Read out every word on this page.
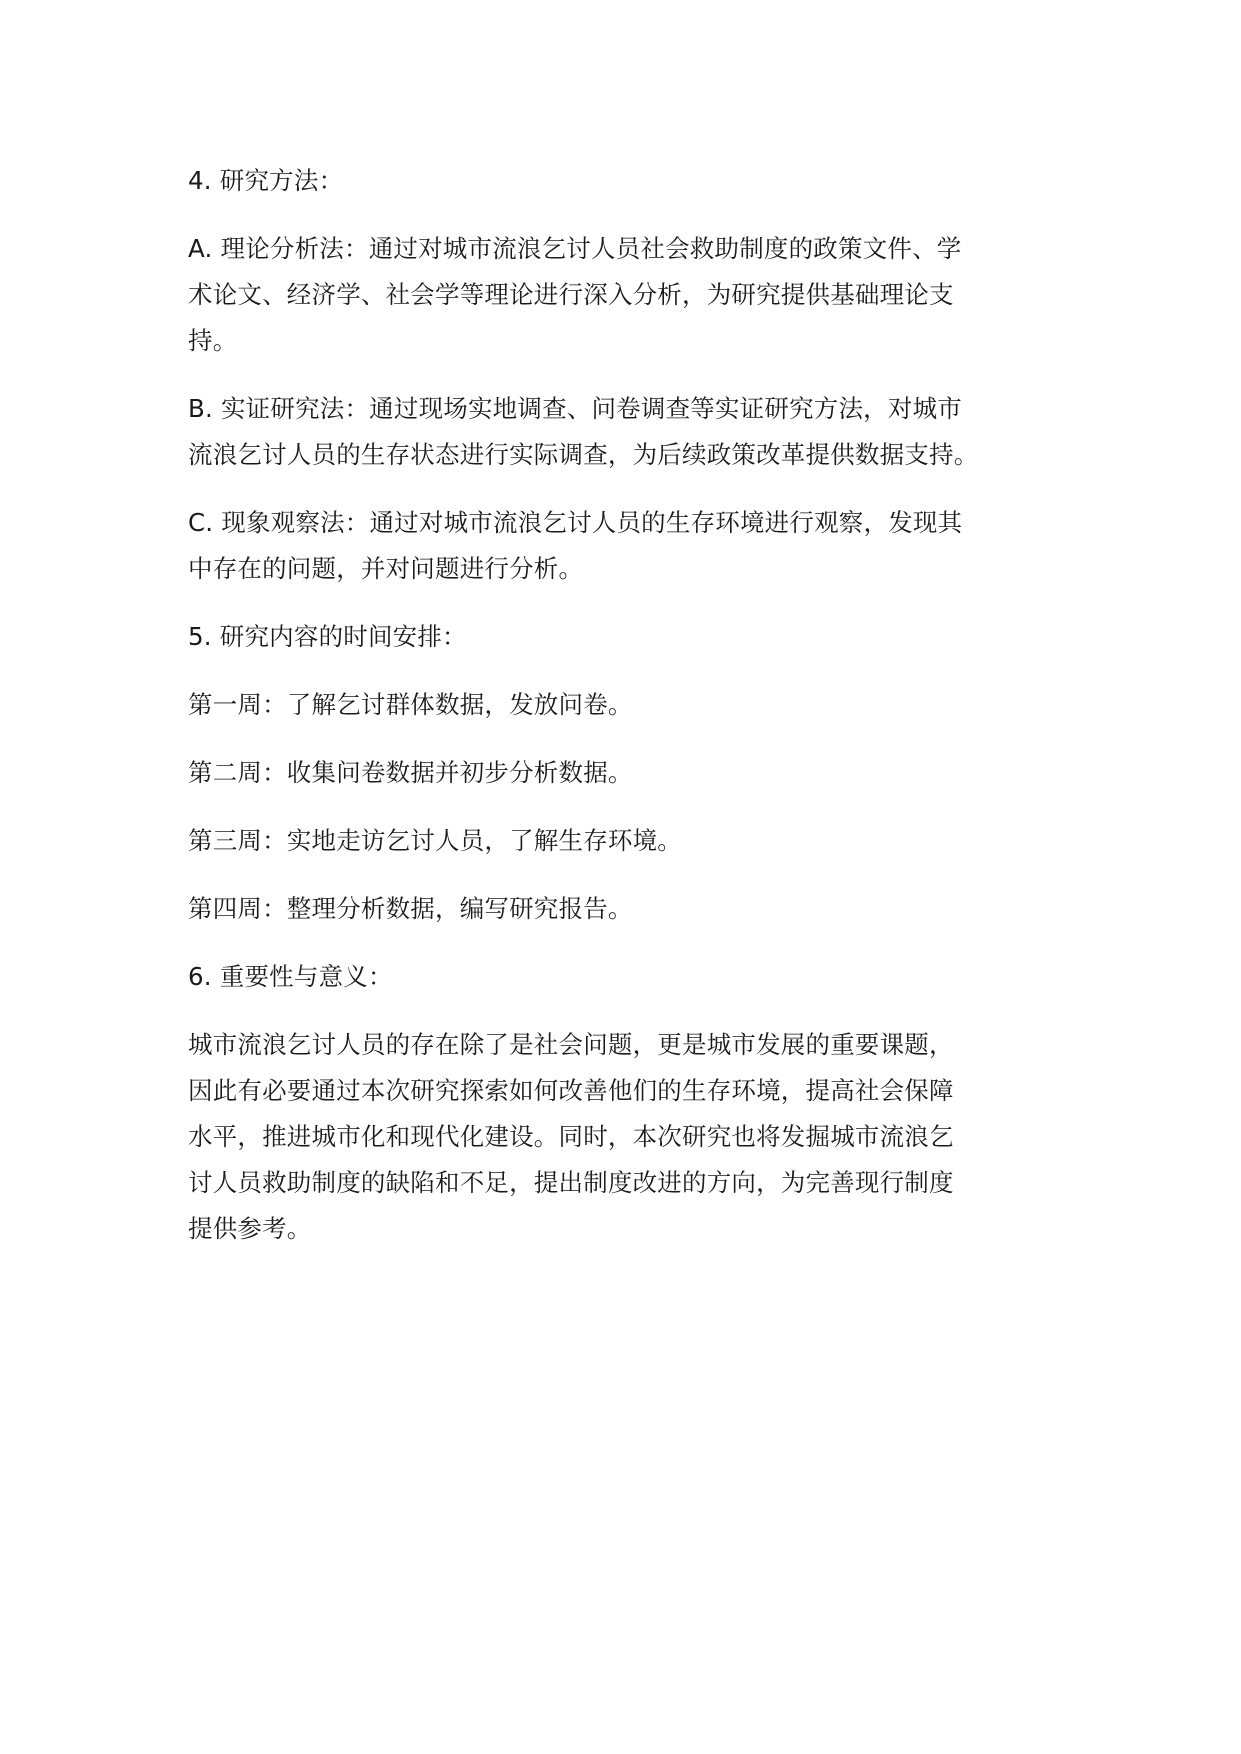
4. 研究方法：

A. 理论分析法：通过对城市流浪乞讨人员社会救助制度的政策文件、学
术论文、经济学、社会学等理论进行深入分析，为研究提供基础理论支
持。

B. 实证研究法：通过现场实地调查、问卷调查等实证研究方法，对城市
流浪乞讨人员的生存状态进行实际调查，为后续政策改革提供数据支持。

C. 现象观察法：通过对城市流浪乞讨人员的生存环境进行观察，发现其
中存在的问题，并对问题进行分析。

5. 研究内容的时间安排：

第一周：了解乞讨群体数据，发放问卷。

第二周：收集问卷数据并初步分析数据。

第三周：实地走访乞讨人员，了解生存环境。

第四周：整理分析数据，编写研究报告。

6. 重要性与意义：

城市流浪乞讨人员的存在除了是社会问题，更是城市发展的重要课题，
因此有必要通过本次研究探索如何改善他们的生存环境，提高社会保障
水平，推进城市化和现代化建设。同时，本次研究也将发掘城市流浪乞
讨人员救助制度的缺陷和不足，提出制度改进的方向，为完善现行制度
提供参考。
